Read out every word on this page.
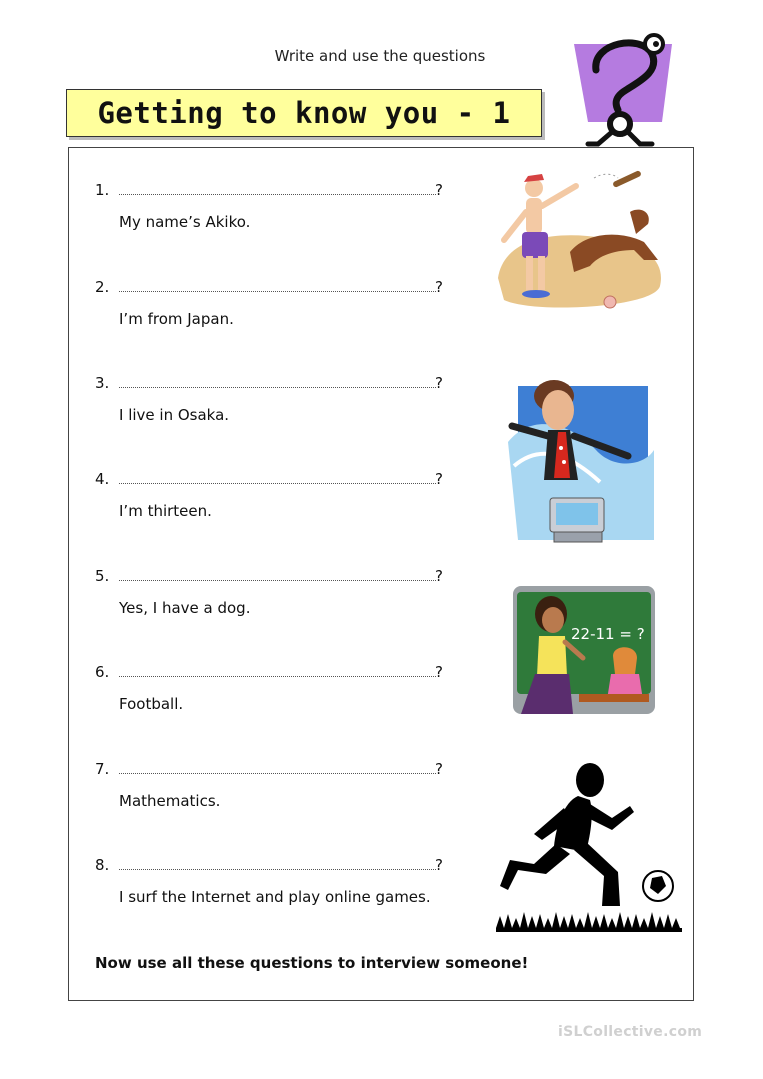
Write and use the questions
Getting to know you - 1
1.	?
My name’s Akiko.
2.	?
I’m from Japan.
3.	?
I live in Osaka.
4.	?
I’m thirteen.
5.	?
Yes, I have a dog.
6.	?
Football.
7.	?
Mathematics.
8.	?
I surf the Internet and play online games.
Now use all these questions to interview someone!
22-11 = ?
iSLCollective.com
